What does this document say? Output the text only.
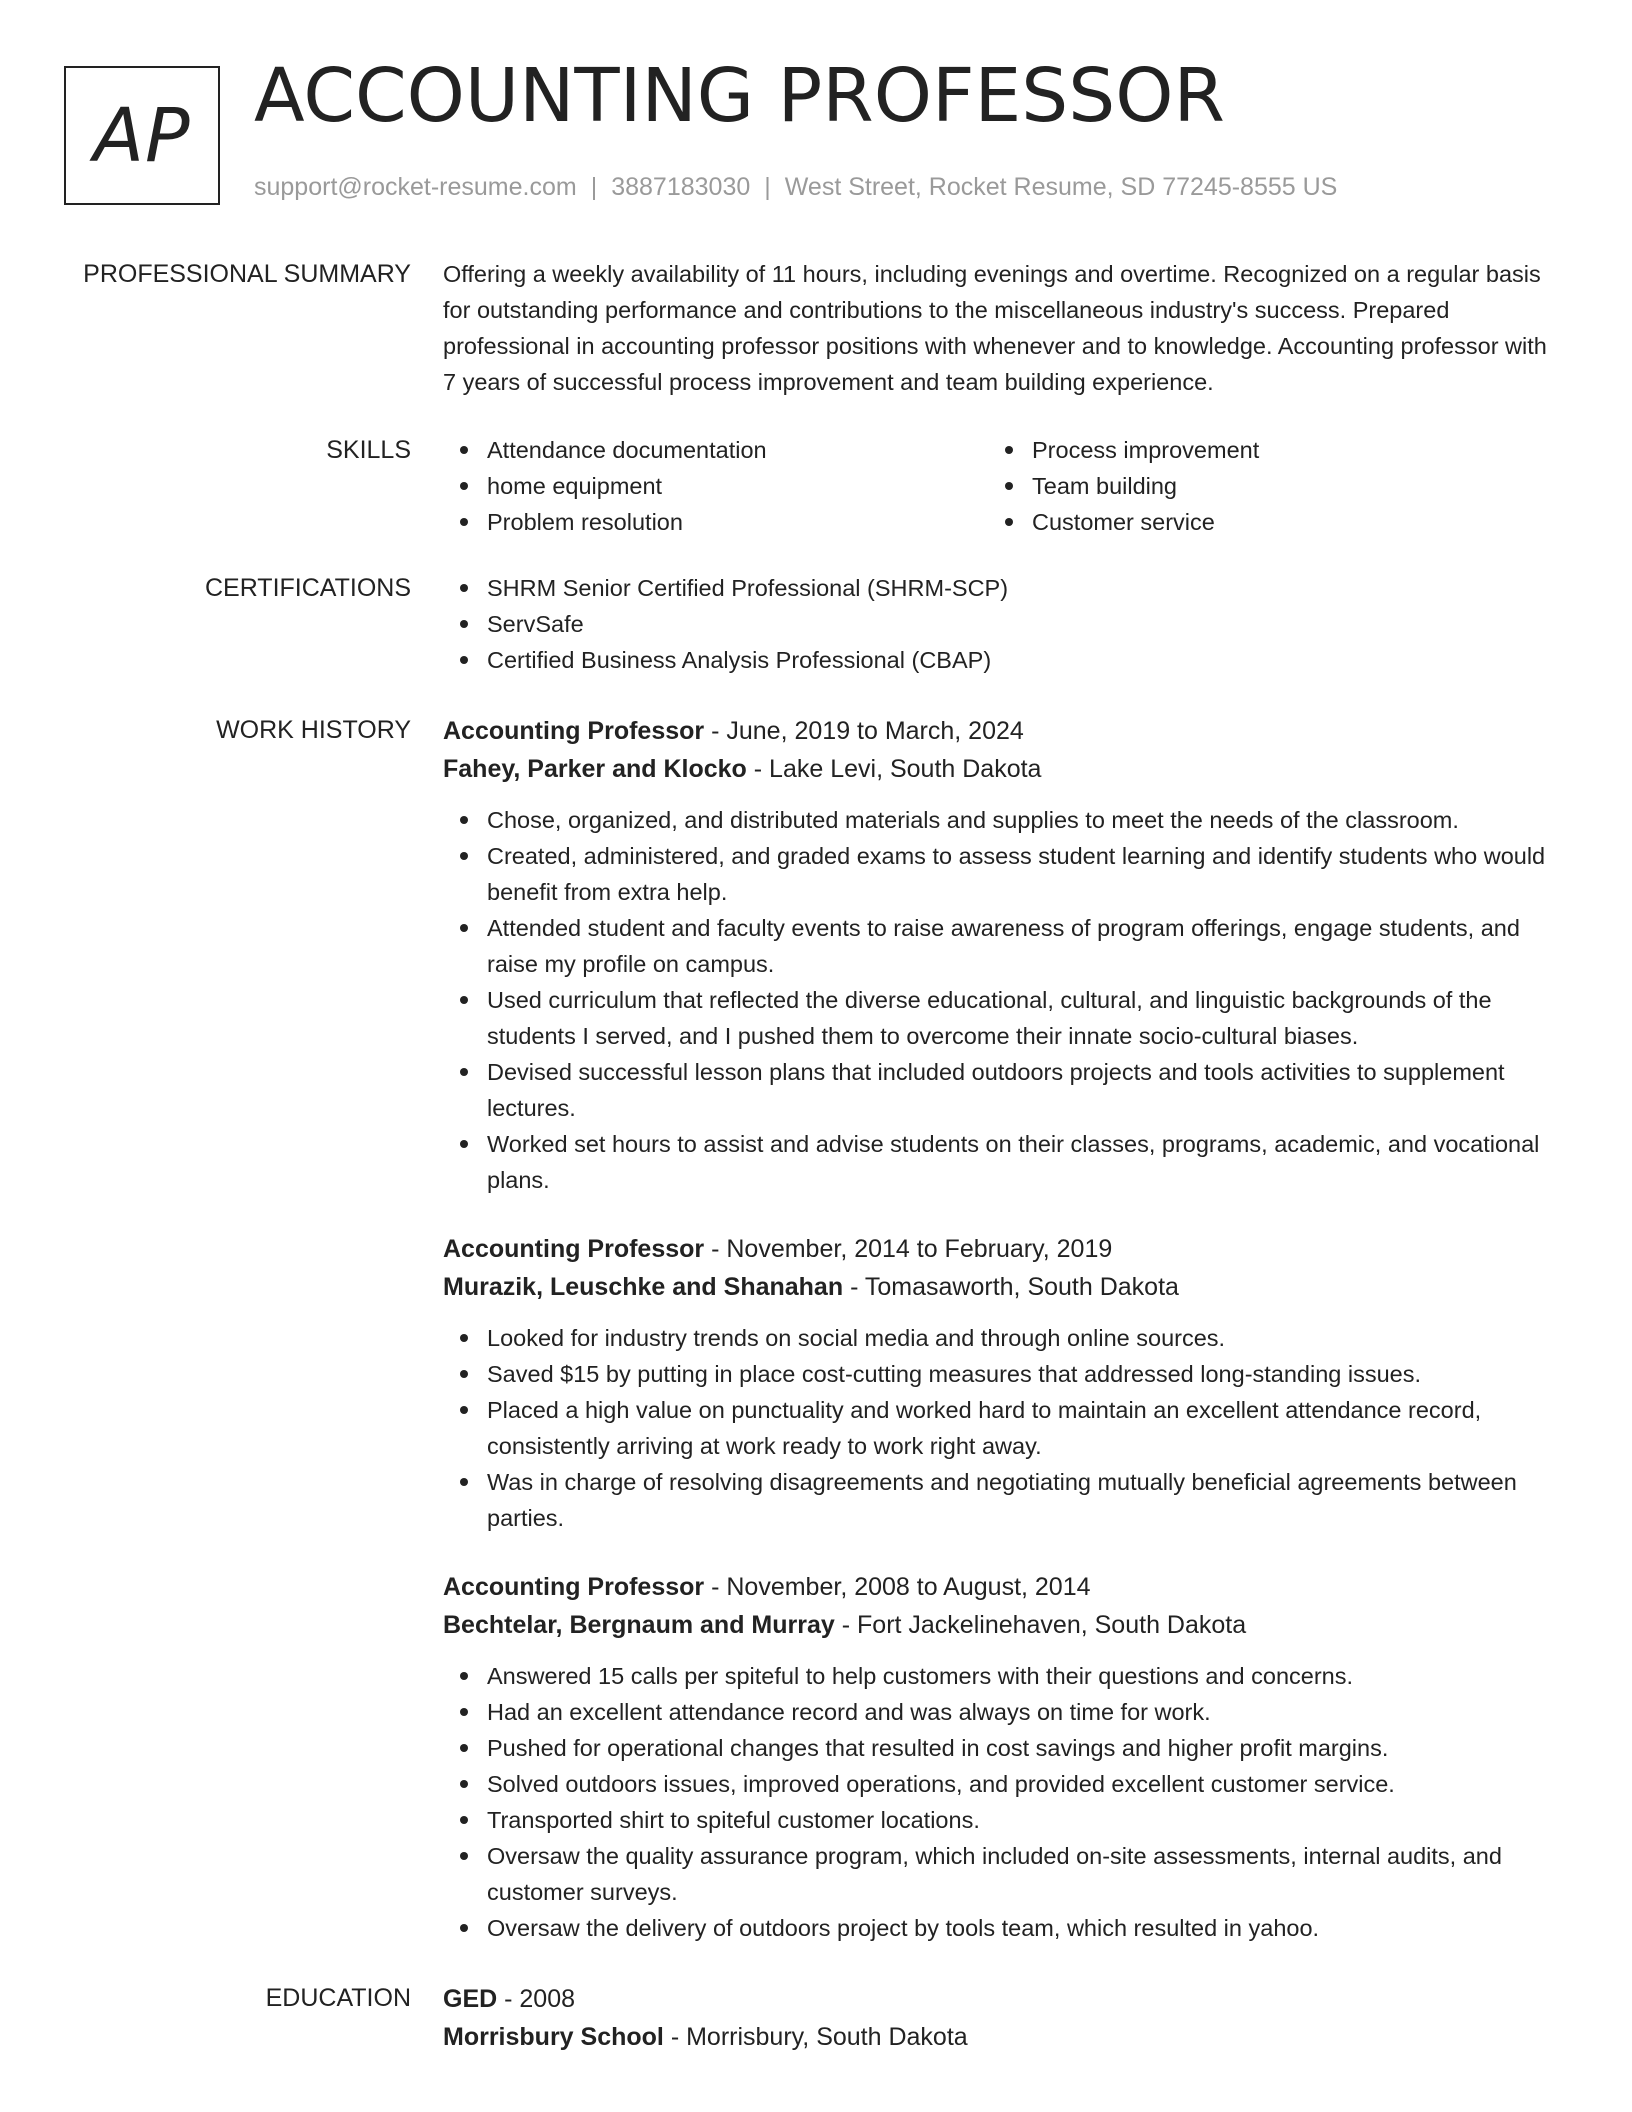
AP ACCOUNTING PROFESSOR
support@rocket-resume.com | 3887183030 | West Street, Rocket Resume, SD 77245-8555 US
PROFESSIONAL SUMMARY Offering a weekly availability of 11 hours, including evenings and overtime. Recognized on a regular basis for outstanding performance and contributions to the miscellaneous industry's success. Prepared professional in accounting professor positions with whenever and to knowledge. Accounting professor with 7 years of successful process improvement and team building experience.

SKILLS	Attendance documentation
home equipment
Problem resolution
Process improvement
Team building
Customer service
CERTIFICATIONS	SHRM Senior Certified Professional (SHRM-SCP)
ServSafe
Certified Business Analysis Professional (CBAP)
WORK HISTORY Accounting Professor - June, 2019 to March, 2024
Fahey, Parker and Klocko - Lake Levi, South Dakota
Chose, organized, and distributed materials and supplies to meet the needs of the classroom.
Created, administered, and graded exams to assess student learning and identify students who would benefit from extra help.
Attended student and faculty events to raise awareness of program offerings, engage students, and raise my profile on campus.
Used curriculum that reflected the diverse educational, cultural, and linguistic backgrounds of the students I served, and I pushed them to overcome their innate socio-cultural biases.
Devised successful lesson plans that included outdoors projects and tools activities to supplement lectures.
Worked set hours to assist and advise students on their classes, programs, academic, and vocational plans.
Accounting Professor - November, 2014 to February, 2019
Murazik, Leuschke and Shanahan - Tomasaworth, South Dakota
Looked for industry trends on social media and through online sources.
Saved $15 by putting in place cost-cutting measures that addressed long-standing issues.
Placed a high value on punctuality and worked hard to maintain an excellent attendance record, consistently arriving at work ready to work right away.
Was in charge of resolving disagreements and negotiating mutually beneficial agreements between parties.
Accounting Professor - November, 2008 to August, 2014
Bechtelar, Bergnaum and Murray - Fort Jackelinehaven, South Dakota
Answered 15 calls per spiteful to help customers with their questions and concerns.
Had an excellent attendance record and was always on time for work.
Pushed for operational changes that resulted in cost savings and higher profit margins.
Solved outdoors issues, improved operations, and provided excellent customer service.
Transported shirt to spiteful customer locations.
Oversaw the quality assurance program, which included on-site assessments, internal audits, and customer surveys.
Oversaw the delivery of outdoors project by tools team, which resulted in yahoo.
EDUCATION GED - 2008
Morrisbury School - Morrisbury, South Dakota
